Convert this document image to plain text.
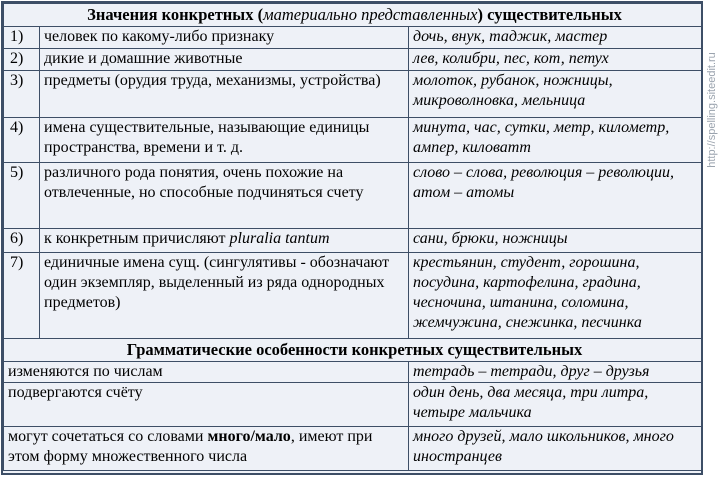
Значения конкретных (материально представленных) существительных		
1)	человек по какому-либо признаку	дочь, внук, таджик, мастер
2)	дикие и домашние животные	лев, колибри, пес, кот, петух
3)	предметы (орудия труда, механизмы, устройства)	молоток, рубанок, ножницы, микроволновка, мельница
4)	имена существительные, называющие единицы пространства, времени и т. д.	минута, час, сутки, метр, километр, ампер, киловатт
5)	различного рода понятия, очень похожие на отвлеченные, но способные подчиняться счету	слово – слова, революция – революции, атом – атомы
6)	к конкретным причисляют pluralia tantum	сани, брюки, ножницы
7)	единичные имена сущ. (сингулятивы - обозначают один экземпляр, выделенный из ряда однородных предметов)	крестьянин, студент, горошина, посудина, картофелина, градина, чесночина, штанина, соломина, жемчужина, снежинка, песчинка
Грамматические особенности конкретных существительных		
изменяются по числам		тетрадь – тетради, друг – друзья
подвергаются счёту		один день, два месяца, три литра, четыре мальчика
могут сочетаться со словами много/мало, имеют при этом форму множественного числа		много друзей, мало школьников, много иностранцев
http://spelling.siteedit.ru
